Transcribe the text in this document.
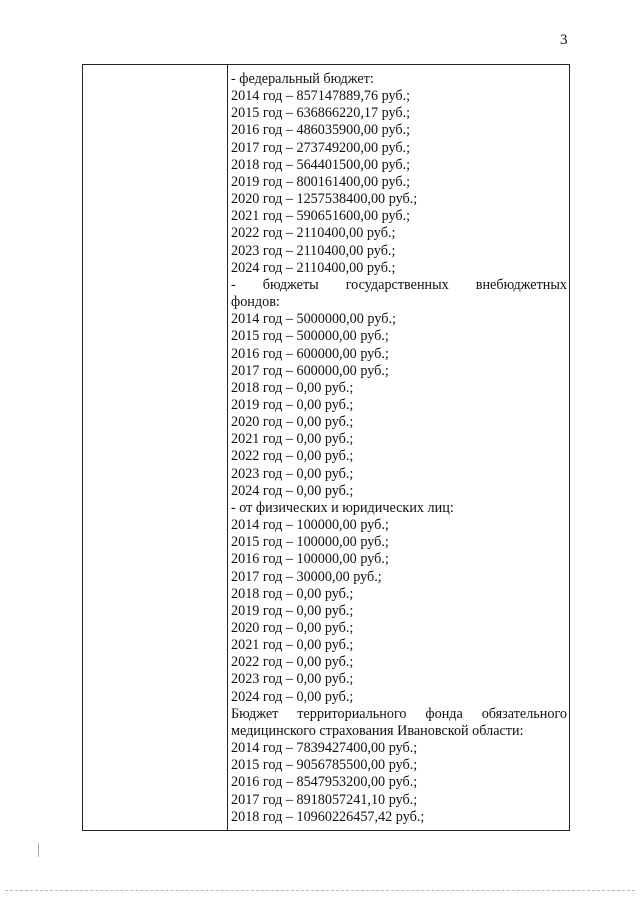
3
- федеральный бюджет:
2014 год – 857147889,76 руб.;
2015 год – 636866220,17 руб.;
2016 год – 486035900,00 руб.;
2017 год – 273749200,00 руб.;
2018 год – 564401500,00 руб.;
2019 год – 800161400,00 руб.;
2020 год – 1257538400,00 руб.;
2021 год – 590651600,00 руб.;
2022 год – 2110400,00 руб.;
2023 год – 2110400,00 руб.;
2024 год – 2110400,00 руб.;
- бюджеты государственных внебюджетных
фондов:
2014 год – 5000000,00 руб.;
2015 год – 500000,00 руб.;
2016 год – 600000,00 руб.;
2017 год – 600000,00 руб.;
2018 год – 0,00 руб.;
2019 год – 0,00 руб.;
2020 год – 0,00 руб.;
2021 год – 0,00 руб.;
2022 год – 0,00 руб.;
2023 год – 0,00 руб.;
2024 год – 0,00 руб.;
- от физических и юридических лиц:
2014 год – 100000,00 руб.;
2015 год – 100000,00 руб.;
2016 год – 100000,00 руб.;
2017 год – 30000,00 руб.;
2018 год – 0,00 руб.;
2019 год – 0,00 руб.;
2020 год – 0,00 руб.;
2021 год – 0,00 руб.;
2022 год – 0,00 руб.;
2023 год – 0,00 руб.;
2024 год – 0,00 руб.;
Бюджет территориального фонда обязательного
медицинского страхования Ивановской области:
2014 год – 7839427400,00 руб.;
2015 год – 9056785500,00 руб.;
2016 год – 8547953200,00 руб.;
2017 год – 8918057241,10 руб.;
2018 год – 10960226457,42 руб.;
